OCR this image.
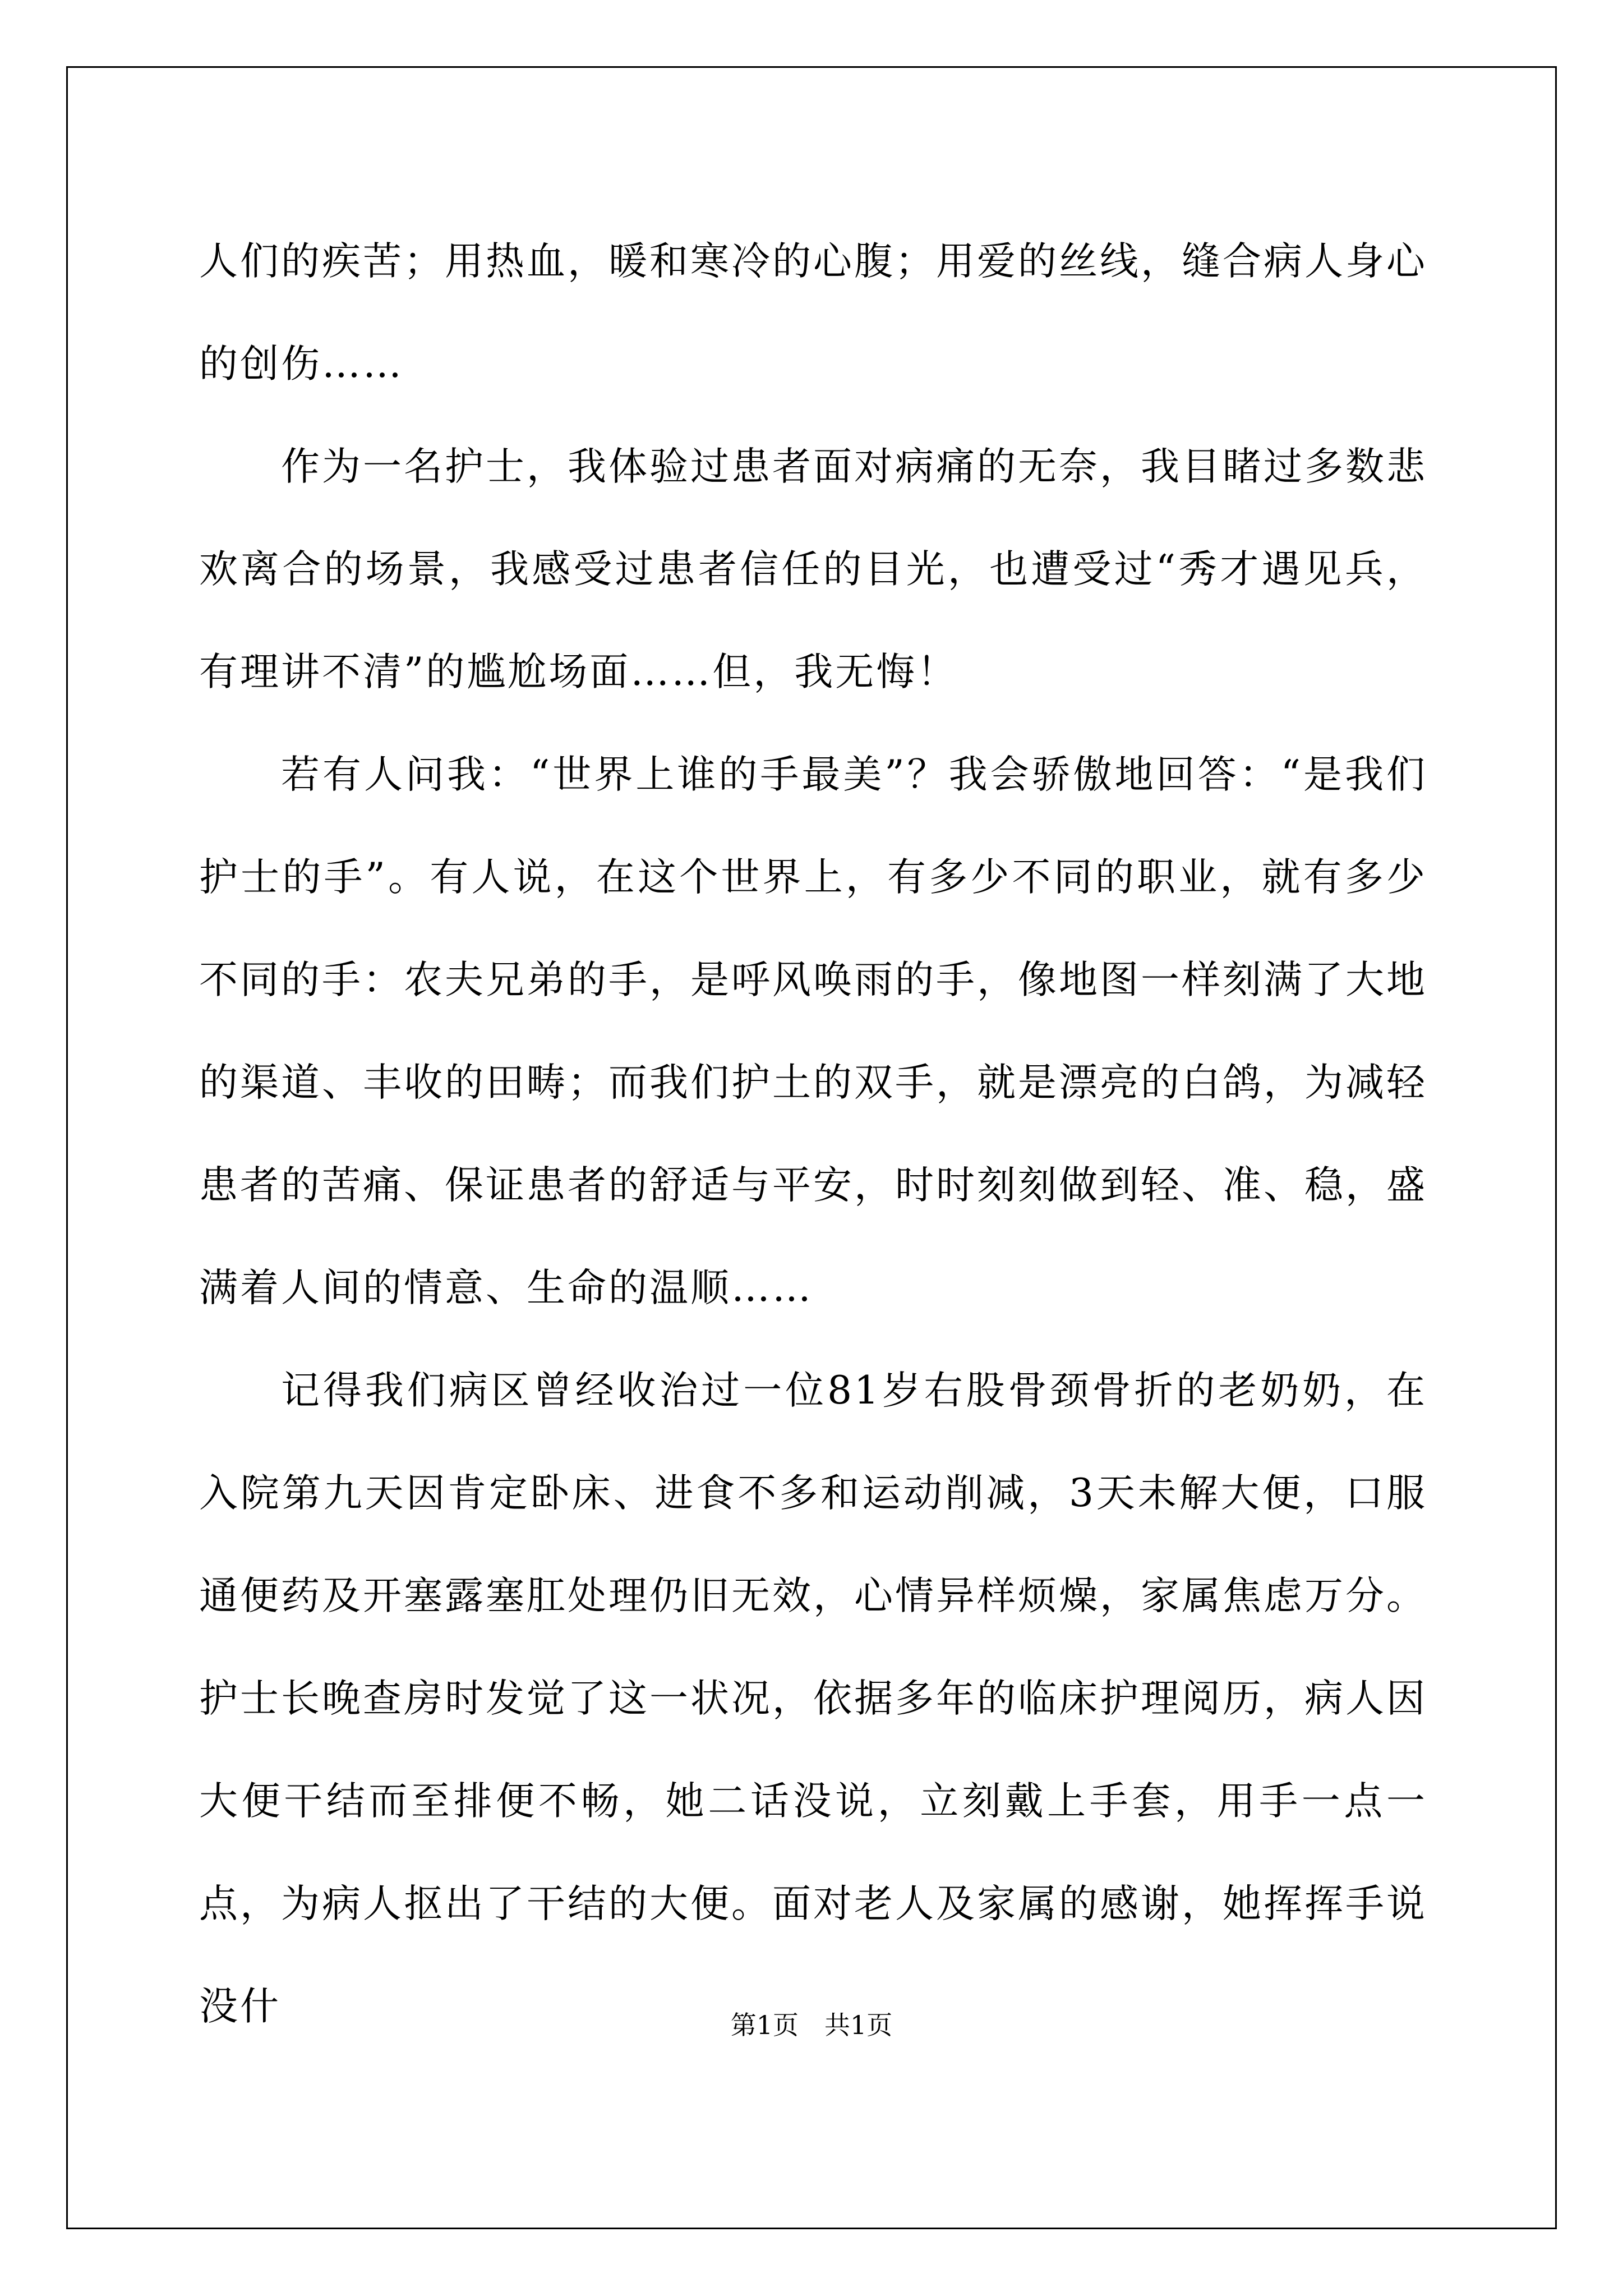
人们的疾苦；用热血，暖和寒冷的心腹；用爱的丝线，缝合病人身心的创伤……

作为一名护士，我体验过患者面对病痛的无奈，我目睹过多数悲欢离合的场景，我感受过患者信任的目光，也遭受过“秀才遇见兵，有理讲不清”的尴尬场面……但，我无悔！

若有人问我：“世界上谁的手最美”？我会骄傲地回答：“是我们护士的手”。有人说，在这个世界上，有多少不同的职业，就有多少不同的手：农夫兄弟的手，是呼风唤雨的手，像地图一样刻满了大地的渠道、丰收的田畴；而我们护土的双手，就是漂亮的白鸽，为减轻患者的苦痛、保证患者的舒适与平安，时时刻刻做到轻、准、稳，盛满着人间的情意、生命的温顺……

记得我们病区曾经收治过一位81岁右股骨颈骨折的老奶奶，在入院第九天因肯定卧床、进食不多和运动削减，3天未解大便，口服通便药及开塞露塞肛处理仍旧无效，心情异样烦燥，家属焦虑万分。护士长晚查房时发觉了这一状况，依据多年的临床护理阅历，病人因大便干结而至排便不畅，她二话没说，立刻戴上手套，用手一点一点，为病人抠出了干结的大便。面对老人及家属的感谢，她挥挥手说没什	第1页　共1页
